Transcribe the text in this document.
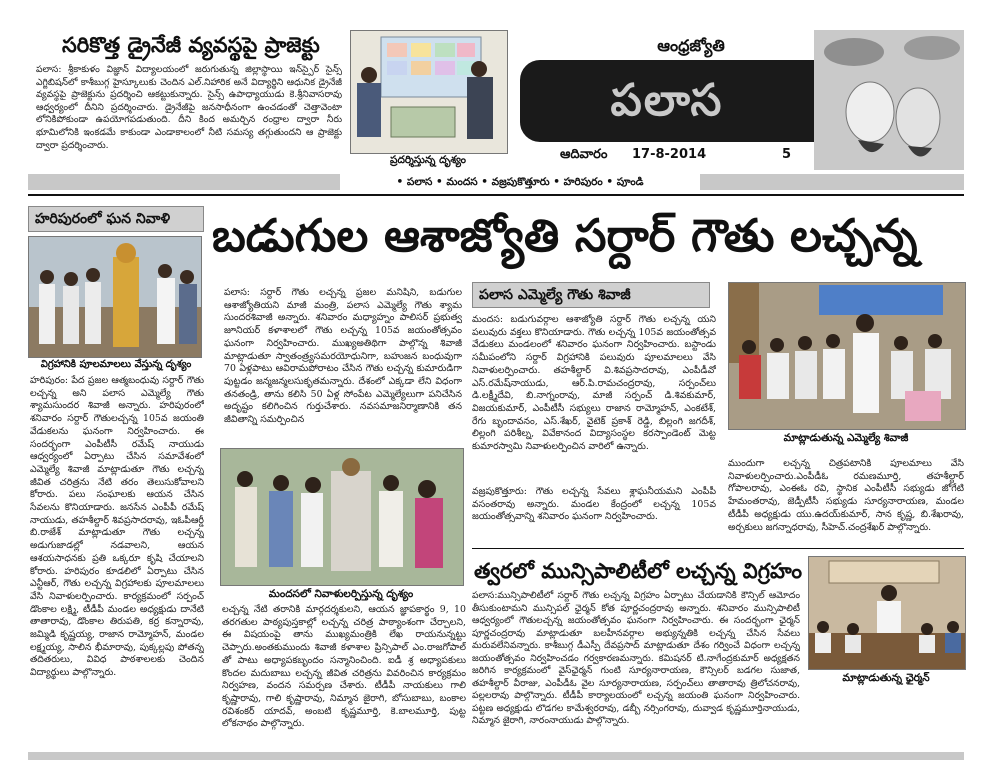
సరికొత్త డ్రైనేజీ వ్యవస్థపై ప్రాజెక్టు
పలాస: శ్రీకాకుళం విజ్ఞాన్ విద్యాలయంలో జరుగుతున్న జిల్లాస్థాయి ఇన్‌స్పైర్ సైన్స్ ఎగ్జిబిషన్‌లో కాశీబుగ్గ హైస్కూలుకు చెందిన ఎల్.నిహారిక అనే విద్యార్థిని ఆధునిక డ్రైనేజీ వ్యవస్థపై ప్రాజెక్టును ప్రదర్శించి ఆకట్టుకున్నారు. సైన్స్ ఉపాధ్యాయుడు కె.శ్రీనివాసరావు ఆధ్వర్యంలో దీనిని ప్రదర్శించారు. డ్రైనేజీపై జనసాధీనంగా ఉంచడంతో చెత్తావెంటా లోనికిపోకుండా ఉపయోగపడుతుంది. దీని కింద అమర్చిన రంధ్రాల ద్వారా నీరు భూమిలోనికి ఇంకడమే కాకుండా ఎండాకాలంలో నీటి సమస్య తగ్గుతుందని ఆ ప్రాజెక్టు ద్వారా ప్రదర్శించారు.
ప్రదర్శిస్తున్న దృశ్యం
ఆంధ్రజ్యోతి
పలాస
ఆదివారం 17-8-2014	5
• పలాస • మందస • వజ్రపుకొత్తూరు • హరిపురం • పూండి
హరిపురంలో ఘన నివాళి
విగ్రహానికి పూలమాలలు వేస్తున్న దృశ్యం
హరిపురం: పేద ప్రజల ఆత్మబంధువు సర్దార్ గౌతు లచ్చన్న అని పలాస ఎమ్మెల్యే గౌతు శ్యామసుందర శివాజీ అన్నారు. హరిపురంలో శనివారం సర్దార్ గౌతులచ్చన్న 105వ జయంతి వేడుకలను ఘనంగా నిర్వహించారు. ఈ సందర్భంగా ఎంపీటీసీ రమేష్ నాయుడు ఆధ్వర్యంలో ఏర్పాటు చేసిన సమావేశంలో ఎమ్మెల్యే శివాజీ మాట్లాడుతూ గౌతు లచ్చన్న జీవిత చరిత్రను నేటి తరం తెలుసుకోవాలని కోరారు. పలు సంఘాలకు ఆయన చేసిన సేవలను కొనియాడారు. జనసేన ఎంపీపీ రమేష్ నాయుడు, తహశీల్దార్ శివప్రసాదరావు, ఇఓపీఆర్డీ బి.రాజేశ్ మాట్లాడుతూ గౌతు లచ్చన్న అడుగుజాడల్లో నడవాలని, ఆయన ఆశయసాధనకు ప్రతి ఒక్కరూ కృషి చేయాలని కోరారు. హరిపురం కూడలిలో ఏర్పాటు చేసిన ఎన్టీఆర్, గౌతు లచ్చన్న విగ్రహాలకు పూలమాలలు వేసి నివాళులర్పించారు. కార్యక్రమంలో సర్పంచ్ డొంకాల లక్ష్మి, టీడీపీ మండల అధ్యక్షుడు దానేటి తాతారావు, డొంకాల తిరుపతి, కర్ర కన్నారావు, జమ్మిడి కృష్ణయ్య, రాజాన రామ్మోహన్, మండల లక్ష్మయ్య, సాలిన భీమారావు, పుక్కల్లపు పోతన్న తదితరులు, వివిధ పాఠశాలలకు చెందిన విద్యార్థులు పాల్గొన్నారు.
బడుగుల ఆశాజ్యోతి సర్దార్ గౌతు లచ్చన్న
పలాస: సర్దార్ గౌతు లచ్చన్న ప్రజల మనిషిని, బడుగుల ఆశాజ్యోతియని మాజీ మంత్రి, పలాస ఎమ్మెల్యే గౌతు శ్యామ సుందరశివాజీ అన్నారు. శనివారం మధ్యాహ్నం పాలిసర్ ప్రభుత్వ జూనియర్ కళాశాలలో గౌతు లచ్చన్న 105వ జయంతోత్సవం ఘనంగా నిర్వహించారు. ముఖ్యఅతిథిగా పాల్గొన్న శివాజీ మాట్లాడుతూ స్వాతంత్ర్యసమరయోధునిగా, బహుజన బంధువుగా 70 ఏళ్లపాటు ఆవిరామపోరాటం చేసిన గౌతు లచ్చన్న కుమారుడిగా పుట్టడం జన్మజన్మలసుకృతమన్నారు. దేశంలో ఎక్కడా లేని విధంగా తనతండ్రి, తాను కలిసి 50 ఏళ్ల సోంపేట ఎమ్మెల్యేలుగా పనిచేసిన అదృష్టం కలిగించిన గుర్తుచేశారు. నవసమాజనిర్మాణానికి తన జీవితాన్ని సమర్పించిన
మందసలో నివాళులర్పిస్తున్న దృశ్యం
లచ్చన్న నేటి తరానికి మార్గదర్శకులని, ఆయన జ్ఞాపకార్థం 9, 10 తరగతుల పాఠ్యపుస్తకాల్లో లచ్చన్న చరిత్ర పాఠ్యాంశంగా చేర్చాలని, ఈ విషయంపై తాను ముఖ్యమంత్రికి లేఖ రాయనున్నట్టు చెప్పారు.అంతకుముందు శివాజీ కళాశాల ప్రిన్సిపాల్ ఎం.రాజగోపాల్ తో పాటు అధ్యాపకబృందం సన్మానించింది. ఐడీ శ్ర అధ్యాపకులు కొందల మదుబాబు లచ్చన్న జీవిత చరిత్రను వివరించిన కార్యక్రమం నిర్వహణ, వందన సమర్పణ చేశారు. టీడీపీ నాయకులు గాలి కృష్ణారావు, గాలి కృష్ణారావు, నిమ్మాన జైరాగి, బోసుబాబు, బంకాల రవిశంకర్ యాదవ్, అంబటి కృష్ణమూర్తి, కె.బాలమూర్తి, పుట్ట లోకనాథం పాల్గొన్నారు.
పలాస ఎమ్మెల్యే గౌతు శివాజీ
మందస: బడుగువర్గాల ఆశాజ్యోతి సర్దార్ గౌతు లచ్చన్న యని పలువురు వక్తలు కొనియాడారు. గౌతు లచ్చన్న 105వ జయంతోత్సవ వేడుకలు మండలంలో శనివారం ఘనంగా నిర్వహించారు. బస్టాండు సమీపంలోని సర్దార్ విగ్రహానికి పలువురు పూలమాలలు వేసి నివాళులర్పించారు. తహశీల్దార్ వి.శివప్రసాదరావు, ఎంపీడీవో ఎస్.రమేష్‌నాయుడు, ఆర్.పి.రామచంద్రరావు, సర్పంచ్‌లు డి.లక్ష్మీదేవి, బి.నాగ్నంరావు, మాజీ సర్పంచ్ డి.శివకుమార్, విజయకుమార్, ఎంపీటీసీ సభ్యులు రాజాన రామ్మోహన్, ఎంకటేశ్, రేగు బృందావనం, ఎస్.శేఖర్, వైటెక్ ప్రకాశ్ రెడ్డి, బిల్లంగి జగదీశ్, లిల్లంగి పరిశీల్న, వివేకానంద విద్యాసంస్థల కరస్పాండెంట్ మెట్ట కుమారస్వామి నివాళులర్పించిన వారిలో ఉన్నారు.
వజ్రపుకొత్తూరు: గౌతు లచ్చన్న సేవలు శ్లాఘనీయమని ఎంపీపీ వసంతరావు అన్నారు. మండల కేంద్రంలో లచ్చన్న 105వ జయంతోత్సవాన్ని శనివారం ఘనంగా నిర్వహించారు.
మాట్లాడుతున్న ఎమ్మెల్యే శివాజీ
ముందుగా లచ్చన్న చిత్రపటానికి పూలమాలు వేసి నివాళులర్పించారు.ఎంపీడీఓ రమణమూర్తి, తహశీల్దార్ గోపాలరావు, ఎంఈఓ రవి, స్థానిక ఎంపీటీసీ సభ్యుడు జోగేటి హేమంతరావు, జెడ్పీటీసీ సభ్యుడు సూర్యనారాయణ, మండల టీడీపీ అధ్యక్షుడు యు.ఉదయ్‌కుమార్, సాన కృష్ణ, బి.శేఖరావు, అర్చకులు జగన్నాధరావు, సీహెచ్.చంద్రశేఖర్ పాల్గొన్నారు.
త్వరలో మున్సిపాలిటీలో లచ్చన్న విగ్రహం
పలాస:మున్సిపాలిటీలో సర్దార్ గౌతు లచ్చన్న విగ్రహం ఏర్పాటు చేయడానికి కౌన్సిల్ ఆమోదం తీసుకుంటామని మున్సిపల్ ఛైర్మన్ కోత పూర్ణచంద్రరావు అన్నారు. శనివారం మున్సిపాలిటీ ఆధ్వర్యంలో గౌతులచ్చన్న జయంతోత్సవం ఘనంగా నిర్వహించారు. ఈ సందర్భంగా ఛైర్మన్ పూర్ణచంద్రరావు మాట్లాడుతూ బలహీనవర్గాల అభ్యున్నతికి లచ్చన్న చేసిన సేవలు మరువలేనివన్నారు. కాశీబుగ్గ డీఎస్పీ దేవప్రసాద్ మాట్లాడుతూ దేశం గర్వించే విధంగా లచ్చన్న జయంతోత్సవం నిర్వహించడం గర్వకారణమన్నారు. కమిషనర్ టి.నాగేంద్రకుమార్ అధ్యక్షతన జరిగిన కార్యక్రమంలో వైస్‌ఛైర్మన్ గుంటి సూర్యనారాయణ, కౌన్సిలర్ బడగల సుజాత, తహశీల్దార్ వీరాజు, ఎంపీడీఓ వైల సూర్యనారాయణ, సర్పంచ్‌లు తాతారావు త్రిలోచనరావు, పల్లలరావు పాల్గొన్నారు. టీడీపీ కార్యాలయంలో లచ్చన్న జయంతి ఘనంగా నిర్వహించారు. పట్టణ అధ్యక్షుడు లొడగల కామేశ్వరరావు, డబ్బీ నర్సింగరావు, దువ్వాడ కృష్ణమూర్తినాయుడు, నిమ్మాన జైరాగి, నారంనాయుడు పాల్గొన్నారు.
మాట్లాడుతున్న ఛైర్మన్
